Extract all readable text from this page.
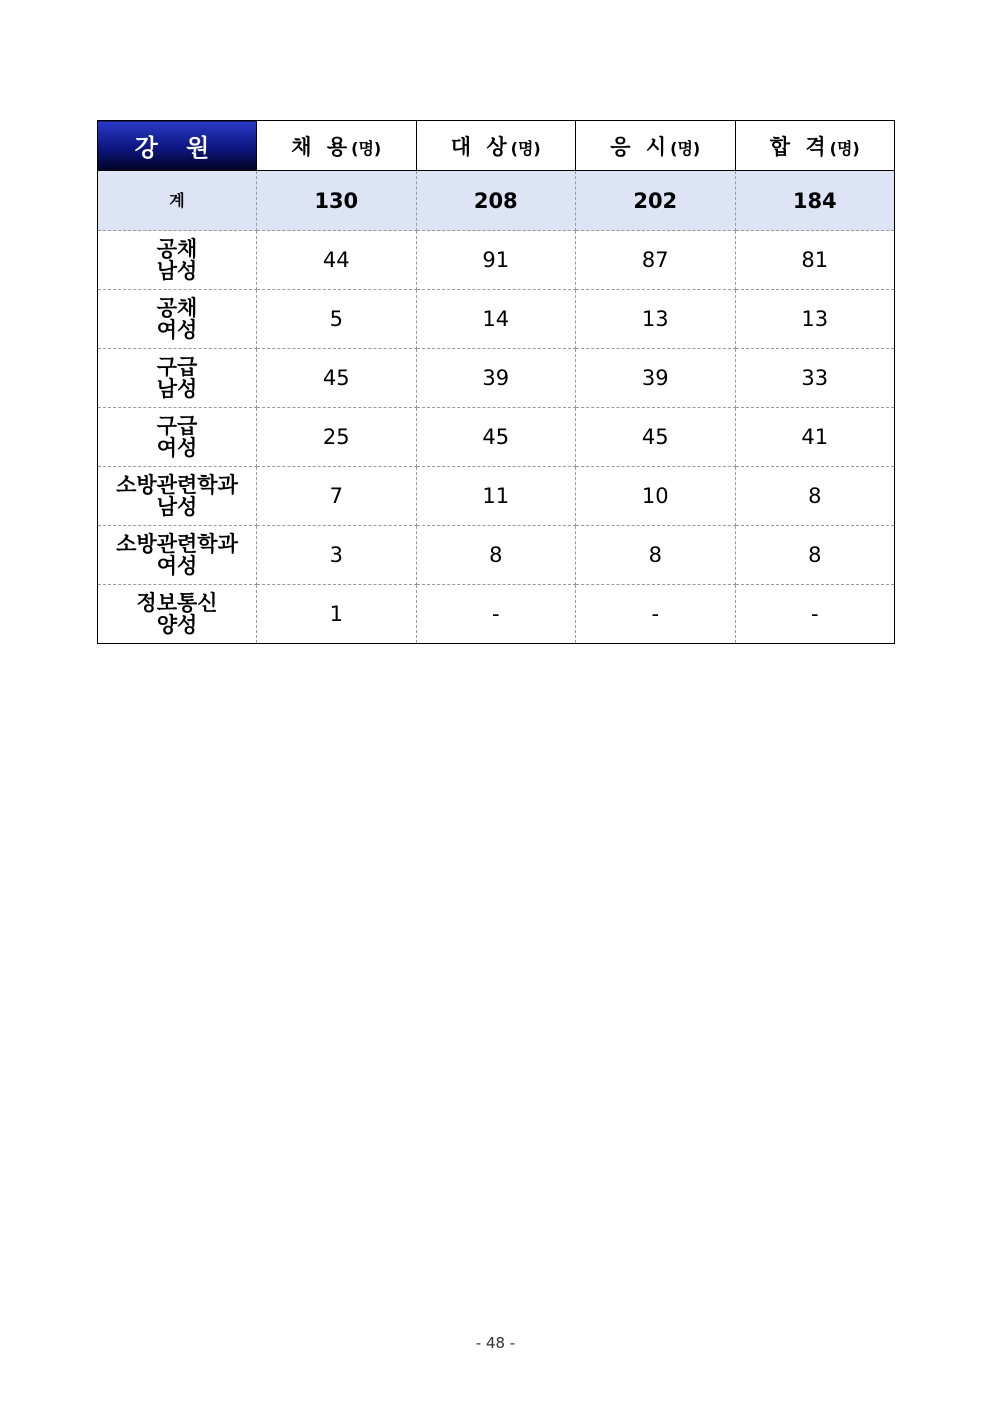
강 원	채 용(명)	대 상(명)	응 시(명)	합 격(명)
계	130	208	202	184

공채
남성	44	91	87	81

공채
여성	5	14	13	13

구급
남성	45	39	39	33

구급
여성	25	45	45	41

소방관련학과
남성	7	11	10	8

소방관련학과
여성	3	8	8	8

정보통신
양성	1	-	-	-
- 48 -
